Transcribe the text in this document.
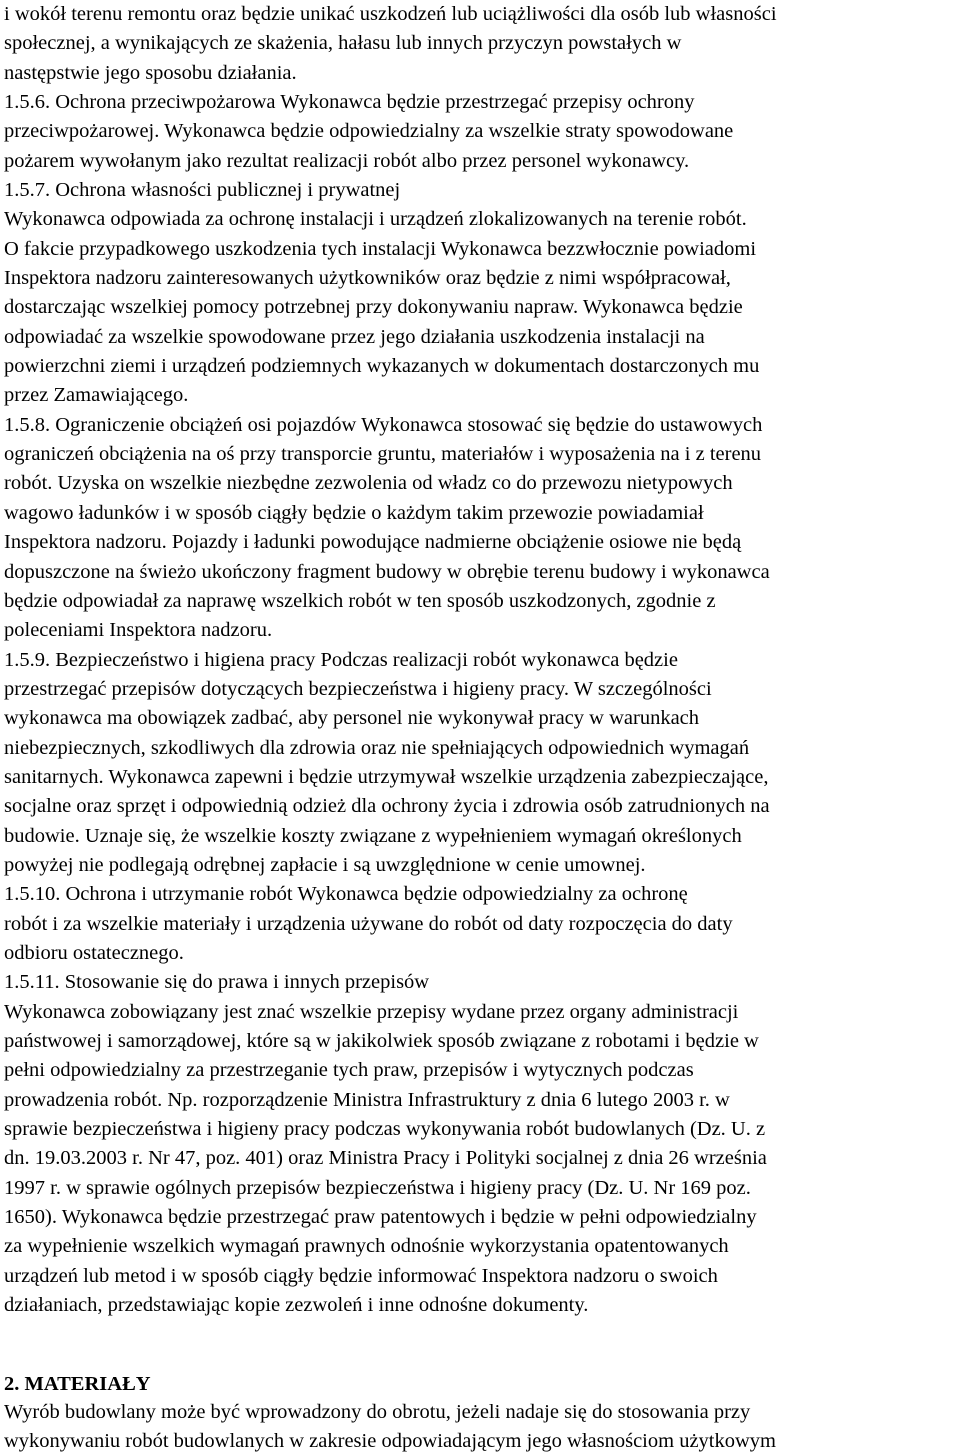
i wokół terenu remontu oraz będzie unikać uszkodzeń lub uciążliwości dla osób lub własności
społecznej, a wynikających ze skażenia, hałasu lub innych przyczyn powstałych w
następstwie jego sposobu działania.
1.5.6. Ochrona przeciwpożarowa Wykonawca będzie przestrzegać przepisy ochrony
przeciwpożarowej. Wykonawca będzie odpowiedzialny za wszelkie straty spowodowane
pożarem wywołanym jako rezultat realizacji robót albo przez personel wykonawcy.
1.5.7. Ochrona własności publicznej i prywatnej
Wykonawca odpowiada za ochronę instalacji i urządzeń zlokalizowanych na terenie robót.
O fakcie przypadkowego uszkodzenia tych instalacji Wykonawca bezzwłocznie powiadomi
Inspektora nadzoru zainteresowanych użytkowników oraz będzie z nimi współpracował,
dostarczając wszelkiej pomocy potrzebnej przy dokonywaniu napraw. Wykonawca będzie
odpowiadać za wszelkie spowodowane przez jego działania uszkodzenia instalacji na
powierzchni ziemi i urządzeń podziemnych wykazanych w dokumentach dostarczonych mu
przez Zamawiającego.
1.5.8. Ograniczenie obciążeń osi pojazdów Wykonawca stosować się będzie do ustawowych
ograniczeń obciążenia na oś przy transporcie gruntu, materiałów i wyposażenia na i z terenu
robót. Uzyska on wszelkie niezbędne zezwolenia od władz co do przewozu nietypowych
wagowo ładunków i w sposób ciągły będzie o każdym takim przewozie powiadamiał
Inspektora nadzoru. Pojazdy i ładunki powodujące nadmierne obciążenie osiowe nie będą
dopuszczone na świeżo ukończony fragment budowy w obrębie terenu budowy i wykonawca
będzie odpowiadał za naprawę wszelkich robót w ten sposób uszkodzonych, zgodnie z
poleceniami Inspektora nadzoru.
1.5.9. Bezpieczeństwo i higiena pracy Podczas realizacji robót wykonawca będzie
przestrzegać przepisów dotyczących bezpieczeństwa i higieny pracy. W szczególności
wykonawca ma obowiązek zadbać, aby personel nie wykonywał pracy w warunkach
niebezpiecznych, szkodliwych dla zdrowia oraz nie spełniających odpowiednich wymagań
sanitarnych. Wykonawca zapewni i będzie utrzymywał wszelkie urządzenia zabezpieczające,
socjalne oraz sprzęt i odpowiednią odzież dla ochrony życia i zdrowia osób zatrudnionych na
budowie. Uznaje się, że wszelkie koszty związane z wypełnieniem wymagań określonych
powyżej nie podlegają odrębnej zapłacie i są uwzględnione w cenie umownej.
1.5.10. Ochrona i utrzymanie robót Wykonawca będzie odpowiedzialny za ochronę
robót i za wszelkie materiały i urządzenia używane do robót od daty rozpoczęcia do daty
odbioru ostatecznego.
1.5.11. Stosowanie się do prawa i innych przepisów
Wykonawca zobowiązany jest znać wszelkie przepisy wydane przez organy administracji
państwowej i samorządowej, które są w jakikolwiek sposób związane z robotami i będzie w
pełni odpowiedzialny za przestrzeganie tych praw, przepisów i wytycznych podczas
prowadzenia robót. Np. rozporządzenie Ministra Infrastruktury z dnia 6 lutego 2003 r. w
sprawie bezpieczeństwa i higieny pracy podczas wykonywania robót budowlanych (Dz. U. z
dn. 19.03.2003 r. Nr 47, poz. 401) oraz Ministra Pracy i Polityki socjalnej z dnia 26 września
1997 r. w sprawie ogólnych przepisów bezpieczeństwa i higieny pracy (Dz. U. Nr 169 poz.
1650). Wykonawca będzie przestrzegać praw patentowych i będzie w pełni odpowiedzialny
za wypełnienie wszelkich wymagań prawnych odnośnie wykorzystania opatentowanych
urządzeń lub metod i w sposób ciągły będzie informować Inspektora nadzoru o swoich
działaniach, przedstawiając kopie zezwoleń i inne odnośne dokumenty.
2. MATERIAŁY
Wyrób budowlany może być wprowadzony do obrotu, jeżeli nadaje się do stosowania przy
wykonywaniu robót budowlanych w zakresie odpowiadającym jego własnościom użytkowym
